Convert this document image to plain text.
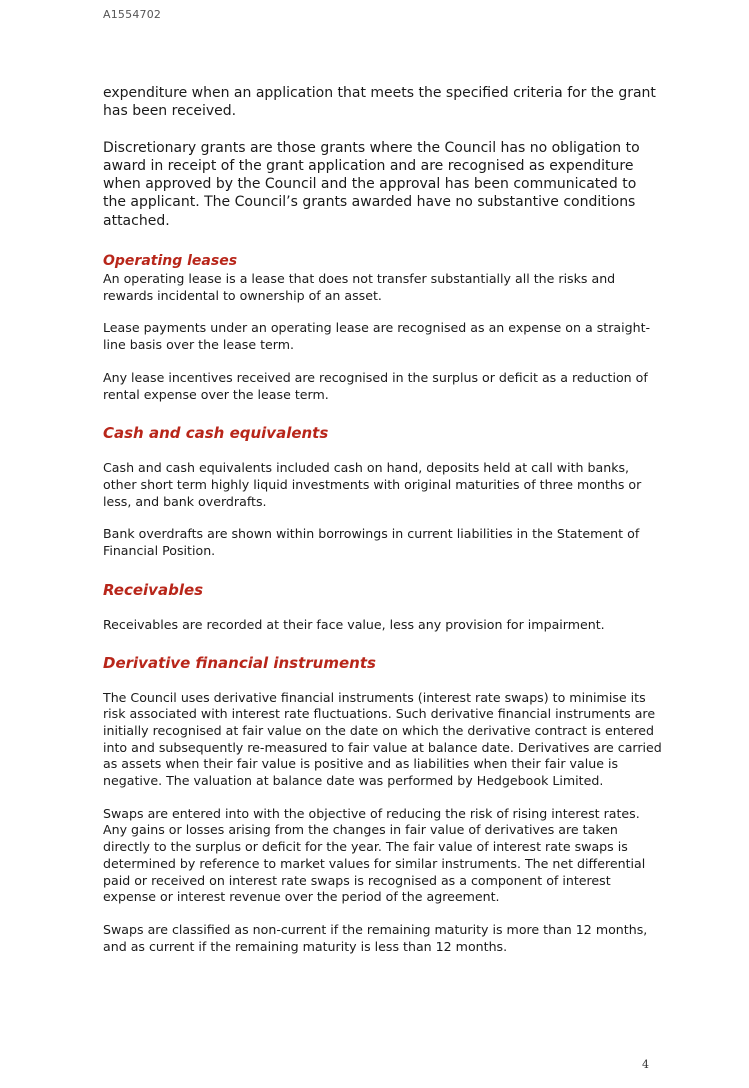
A1554702

expenditure when an application that meets the specified criteria for the grant has been received.

Discretionary grants are those grants where the Council has no obligation to award in receipt of the grant application and are recognised as expenditure when approved by the Council and the approval has been communicated to the applicant. The Council’s grants awarded have no substantive conditions attached.

Operating leases

An operating lease is a lease that does not transfer substantially all the risks and rewards incidental to ownership of an asset.

Lease payments under an operating lease are recognised as an expense on a straight-line basis over the lease term.

Any lease incentives received are recognised in the surplus or deficit as a reduction of rental expense over the lease term.

Cash and cash equivalents

Cash and cash equivalents included cash on hand, deposits held at call with banks, other short term highly liquid investments with original maturities of three months or less, and bank overdrafts.

Bank overdrafts are shown within borrowings in current liabilities in the Statement of Financial Position.

Receivables

Receivables are recorded at their face value, less any provision for impairment.

Derivative financial instruments

The Council uses derivative financial instruments (interest rate swaps) to minimise its risk associated with interest rate fluctuations. Such derivative financial instruments are initially recognised at fair value on the date on which the derivative contract is entered into and subsequently re-measured to fair value at balance date. Derivatives are carried as assets when their fair value is positive and as liabilities when their fair value is negative. The valuation at balance date was performed by Hedgebook Limited.

Swaps are entered into with the objective of reducing the risk of rising interest rates. Any gains or losses arising from the changes in fair value of derivatives are taken directly to the surplus or deficit for the year. The fair value of interest rate swaps is determined by reference to market values for similar instruments. The net differential paid or received on interest rate swaps is recognised as a component of interest expense or interest revenue over the period of the agreement.

Swaps are classified as non-current if the remaining maturity is more than 12 months, and as current if the remaining maturity is less than 12 months.

4
